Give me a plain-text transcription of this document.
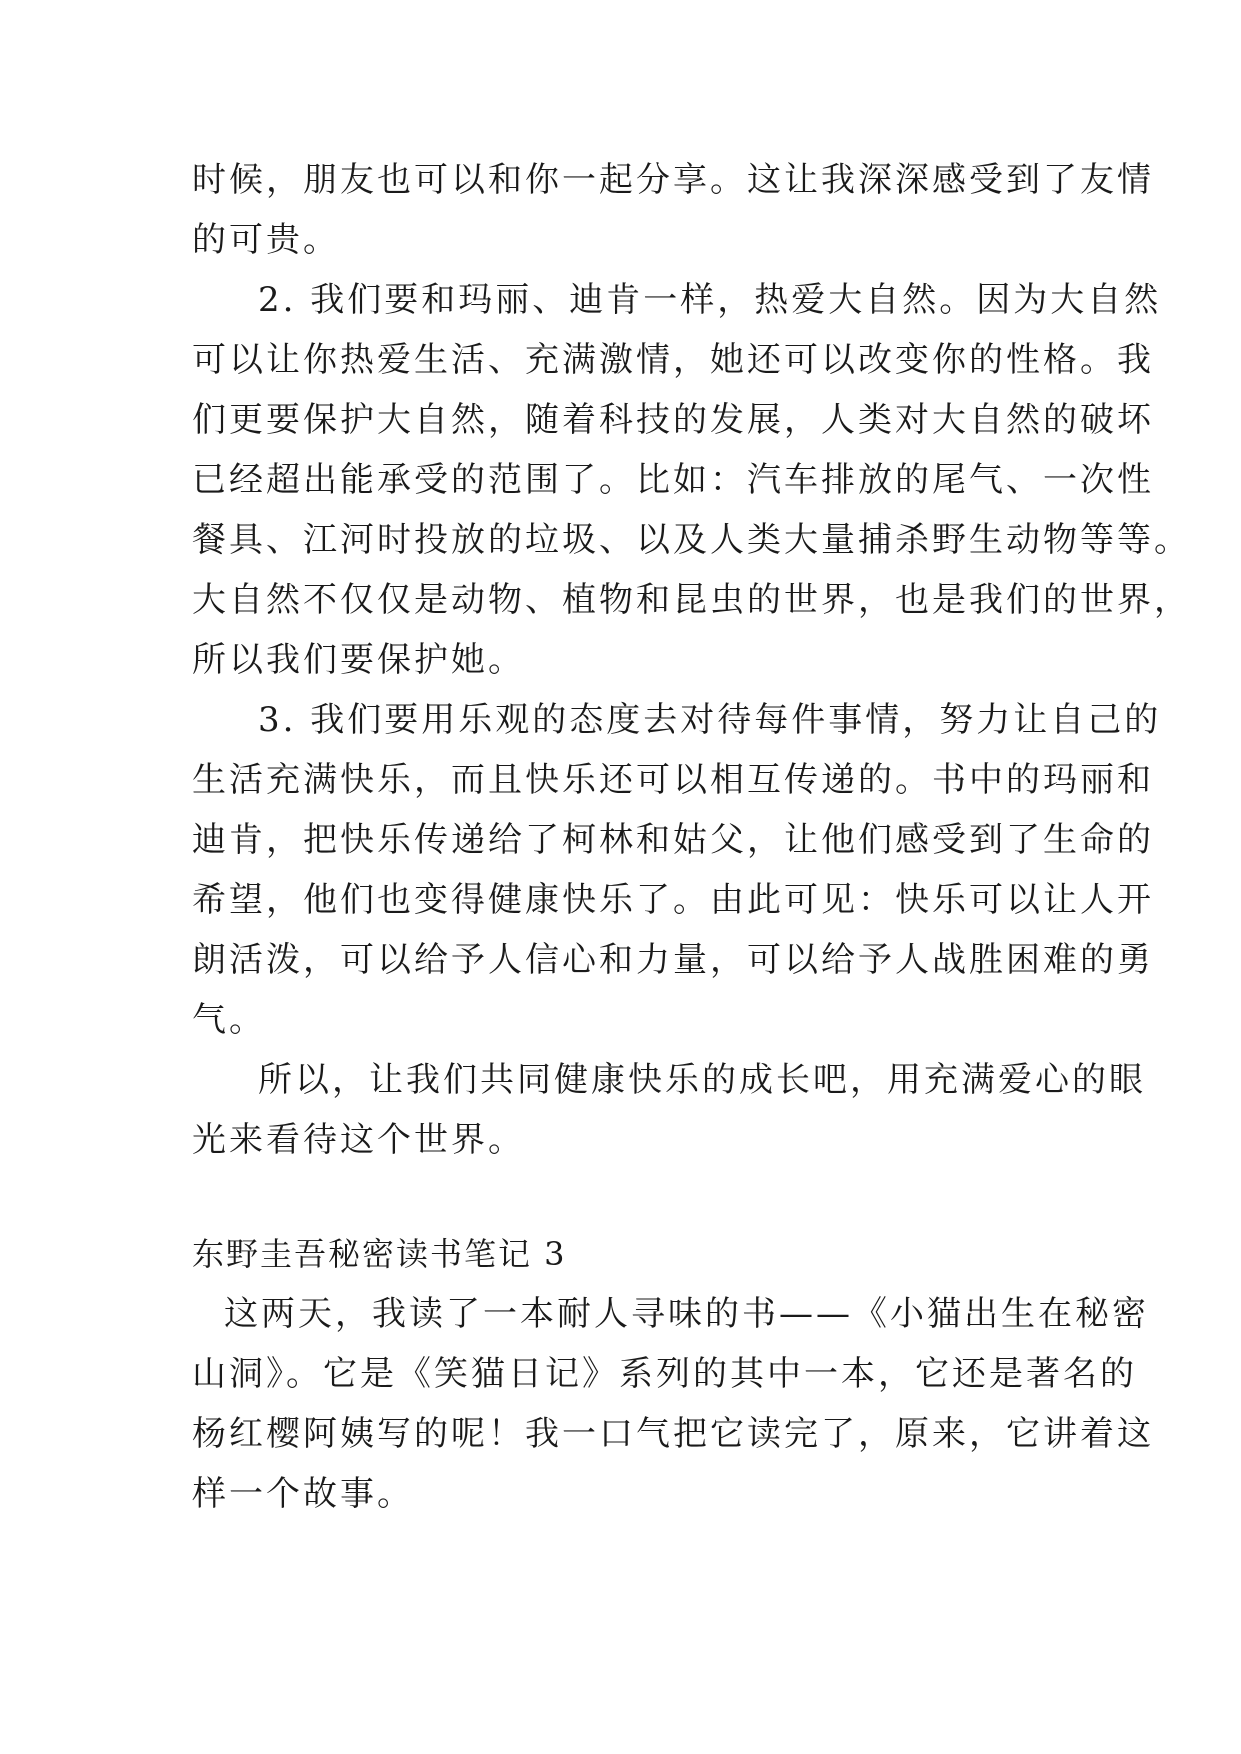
时候，朋友也可以和你一起分享。这让我深深感受到了友情
的可贵。
2. 我们要和玛丽、迪肯一样，热爱大自然。因为大自然
可以让你热爱生活、充满激情，她还可以改变你的性格。我
们更要保护大自然，随着科技的发展，人类对大自然的破坏
已经超出能承受的范围了。比如：汽车排放的尾气、一次性
餐具、江河时投放的垃圾、以及人类大量捕杀野生动物等等。
大自然不仅仅是动物、植物和昆虫的世界，也是我们的世界，
所以我们要保护她。
3. 我们要用乐观的态度去对待每件事情，努力让自己的
生活充满快乐，而且快乐还可以相互传递的。书中的玛丽和
迪肯，把快乐传递给了柯林和姑父，让他们感受到了生命的
希望，他们也变得健康快乐了。由此可见：快乐可以让人开
朗活泼，可以给予人信心和力量，可以给予人战胜困难的勇
气。
所以，让我们共同健康快乐的成长吧，用充满爱心的眼
光来看待这个世界。
东野圭吾秘密读书笔记 3
这两天，我读了一本耐人寻味的书——《小猫出生在秘密
山洞》。它是《笑猫日记》系列的其中一本，它还是著名的
杨红樱阿姨写的呢！我一口气把它读完了，原来，它讲着这
样一个故事。
